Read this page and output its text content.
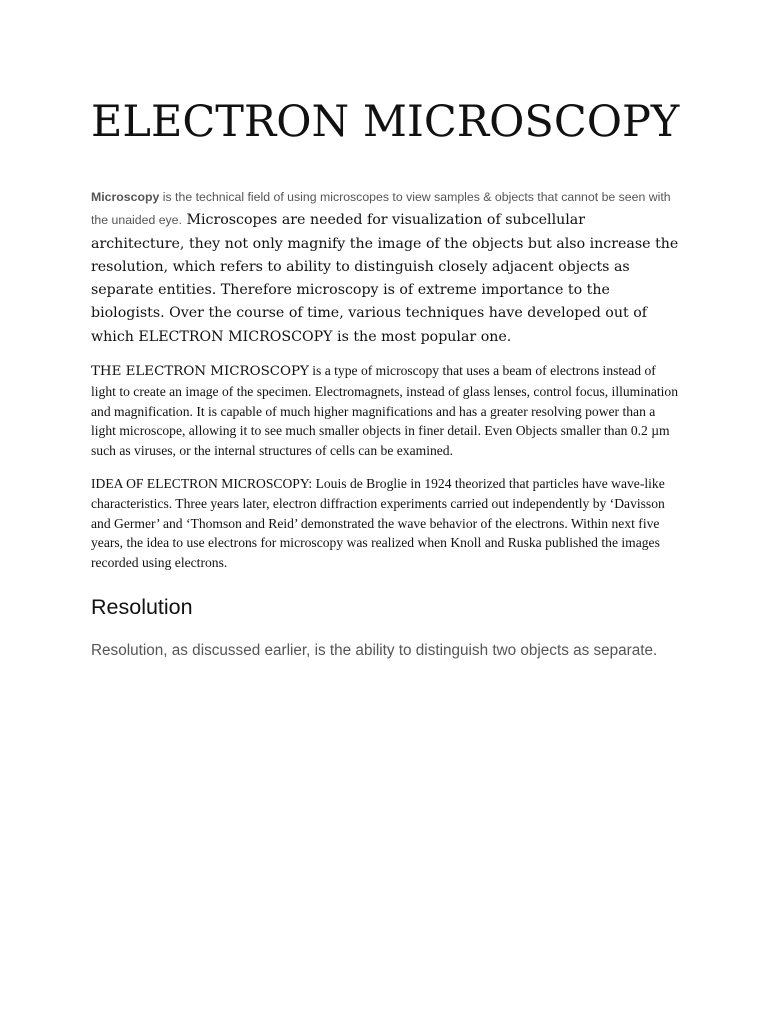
ELECTRON MICROSCOPY

Microscopy is the technical field of using microscopes to view samples & objects that cannot be seen with the unaided eye. Microscopes are needed for visualization of subcellular architecture, they not only magnify the image of the objects but also increase the resolution, which refers to ability to distinguish closely adjacent objects as separate entities. Therefore microscopy is of extreme importance to the biologists. Over the course of time, various techniques have developed out of which ELECTRON MICROSCOPY is the most popular one.

THE ELECTRON MICROSCOPY is a type of microscopy that uses a beam of electrons instead of light to create an image of the specimen. Electromagnets, instead of glass lenses, control focus, illumination and magnification. It is capable of much higher magnifications and has a greater resolving power than a light microscope, allowing it to see much smaller objects in finer detail. Even Objects smaller than 0.2 µm such as viruses, or the internal structures of cells can be examined.

IDEA OF ELECTRON MICROSCOPY: Louis de Broglie in 1924 theorized that particles have wave-like characteristics. Three years later, electron diffraction experiments carried out independently by ‘Davisson and Germer’ and ‘Thomson and Reid’ demonstrated the wave behavior of the electrons. Within next five years, the idea to use electrons for microscopy was realized when Knoll and Ruska published the images recorded using electrons.

Resolution

Resolution, as discussed earlier, is the ability to distinguish two objects as separate.
